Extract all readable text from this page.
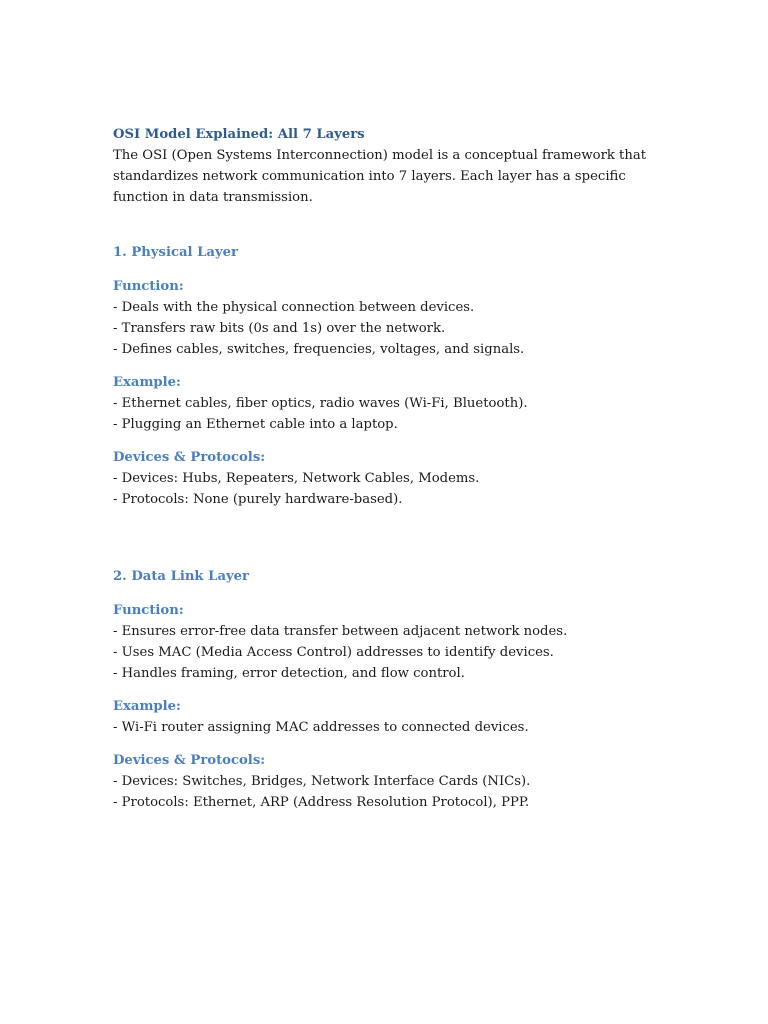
OSI Model Explained: All 7 Layers

The OSI (Open Systems Interconnection) model is a conceptual framework that

standardizes network communication into 7 layers. Each layer has a specific

function in data transmission.

1. Physical Layer

Function:

- Deals with the physical connection between devices.

- Transfers raw bits (0s and 1s) over the network.

- Defines cables, switches, frequencies, voltages, and signals.

Example:

- Ethernet cables, fiber optics, radio waves (Wi-Fi, Bluetooth).

- Plugging an Ethernet cable into a laptop.

Devices & Protocols:

- Devices: Hubs, Repeaters, Network Cables, Modems.

- Protocols: None (purely hardware-based).

2. Data Link Layer

Function:

- Ensures error-free data transfer between adjacent network nodes.

- Uses MAC (Media Access Control) addresses to identify devices.

- Handles framing, error detection, and flow control.

Example:

- Wi-Fi router assigning MAC addresses to connected devices.

Devices & Protocols:

- Devices: Switches, Bridges, Network Interface Cards (NICs).

- Protocols: Ethernet, ARP (Address Resolution Protocol), PPP.
